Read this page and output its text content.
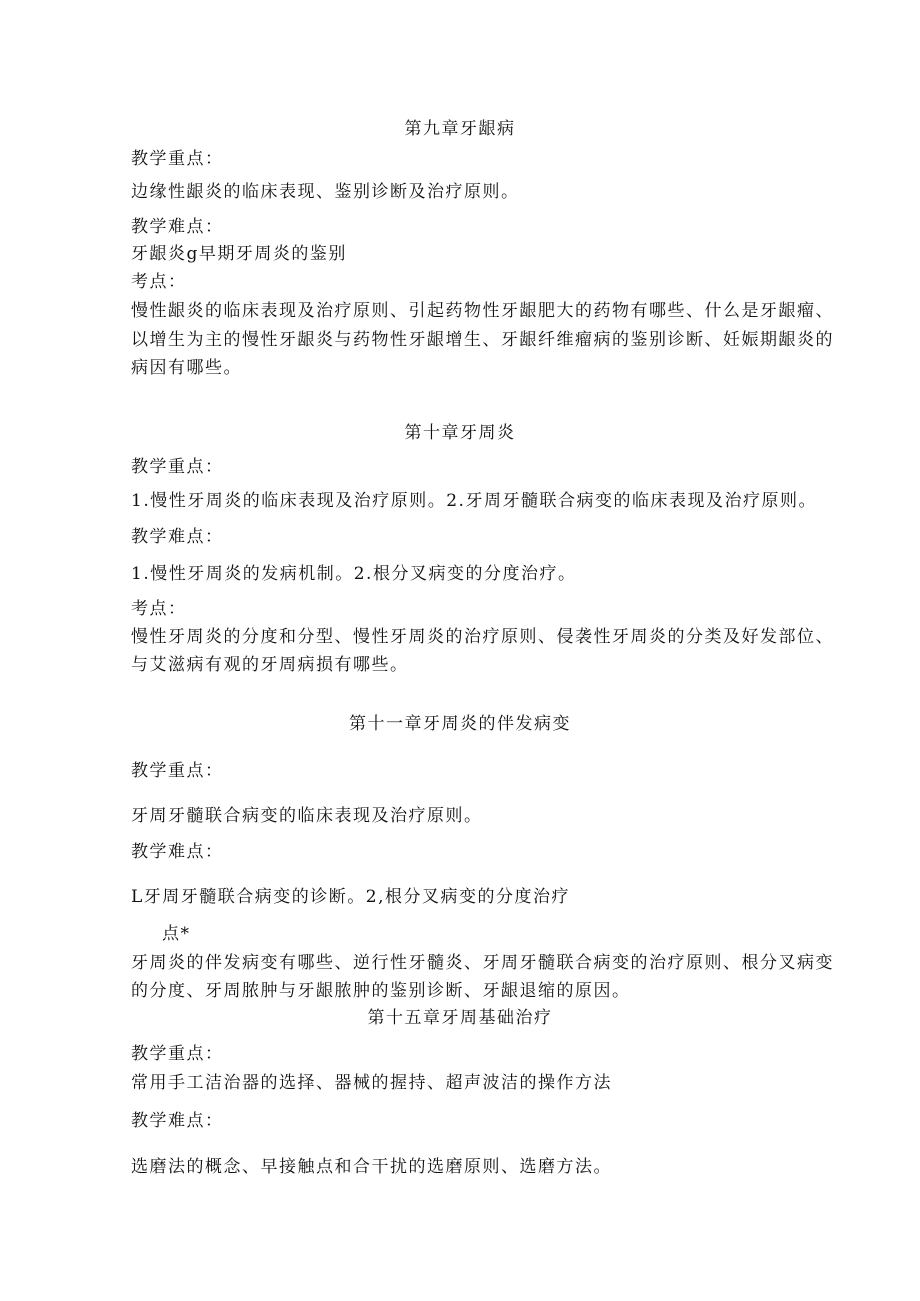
第九章牙龈病
教学重点：
边缘性龈炎的临床表现、鉴别诊断及治疗原则。
教学难点：
牙龈炎g早期牙周炎的鉴别
考点：
慢性龈炎的临床表现及治疗原则、引起药物性牙龈肥大的药物有哪些、什么是牙龈瘤、
以增生为主的慢性牙龈炎与药物性牙龈增生、牙龈纤维瘤病的鉴别诊断、妊娠期龈炎的
病因有哪些。
第十章牙周炎
教学重点：
1.慢性牙周炎的临床表现及治疗原则。2.牙周牙髓联合病变的临床表现及治疗原则。
教学难点：
1.慢性牙周炎的发病机制。2.根分叉病变的分度治疗。
考点：
慢性牙周炎的分度和分型、慢性牙周炎的治疗原则、侵袭性牙周炎的分类及好发部位、
与艾滋病有观的牙周病损有哪些。
第十一章牙周炎的伴发病变
教学重点：
牙周牙髓联合病变的临床表现及治疗原则。
教学难点：
L牙周牙髓联合病变的诊断。2,根分叉病变的分度治疗
点*
牙周炎的伴发病变有哪些、逆行性牙髓炎、牙周牙髓联合病变的治疗原则、根分叉病变
的分度、牙周脓肿与牙龈脓肿的鉴别诊断、牙龈退缩的原因。
第十五章牙周基础治疗
教学重点：
常用手工洁治器的选择、器械的握持、超声波洁的操作方法
教学难点：
选磨法的概念、早接触点和合干扰的选磨原则、选磨方法。
